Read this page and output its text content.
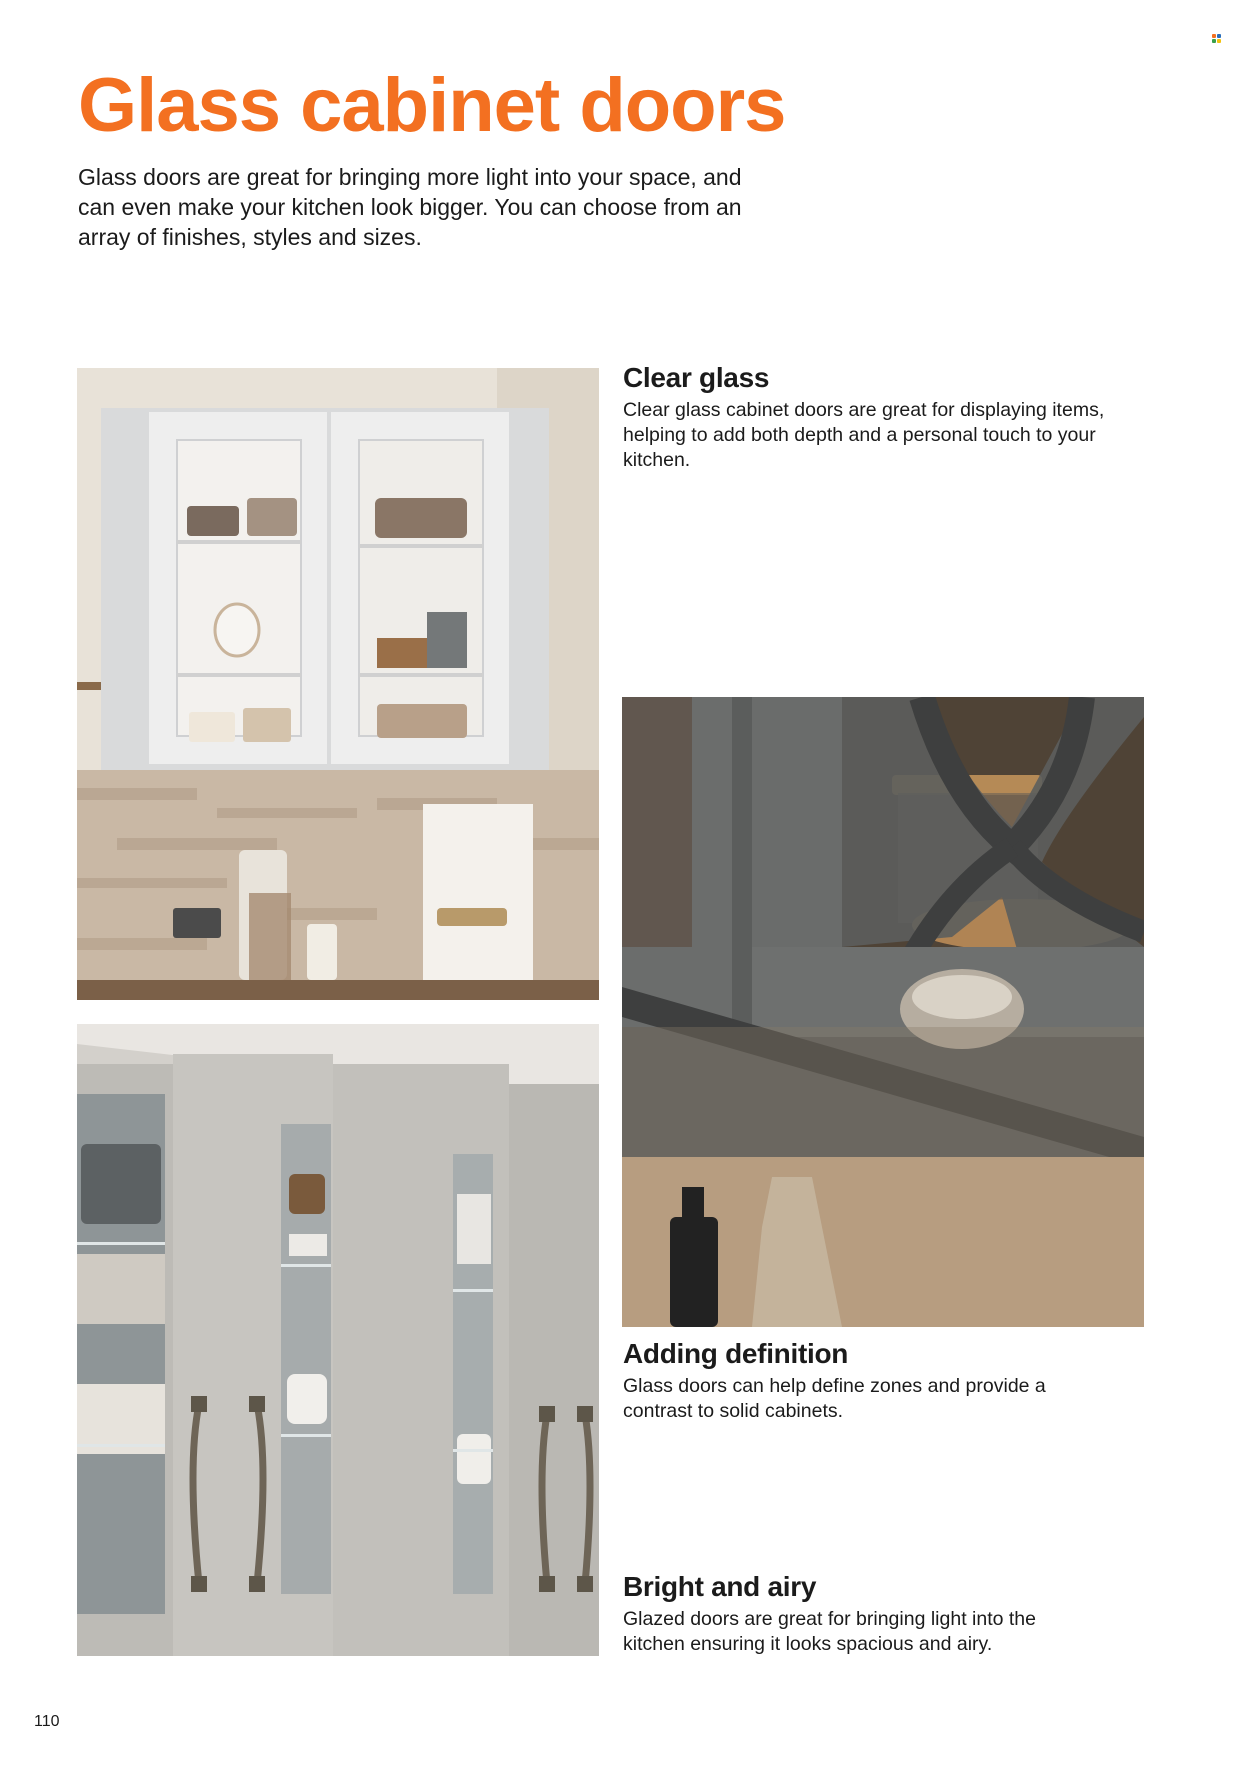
Glass cabinet doors

Glass doors are great for bringing more light into your space, and can even make your kitchen look bigger. You can choose from an array of finishes, styles and sizes.

Clear glass

Clear glass cabinet doors are great for displaying items, helping to add both depth and a personal touch to your kitchen.

Adding definition

Glass doors can help define zones and provide a contrast to solid cabinets.

Bright and airy

Glazed doors are great for bringing light into the kitchen ensuring it looks spacious and airy.

110
